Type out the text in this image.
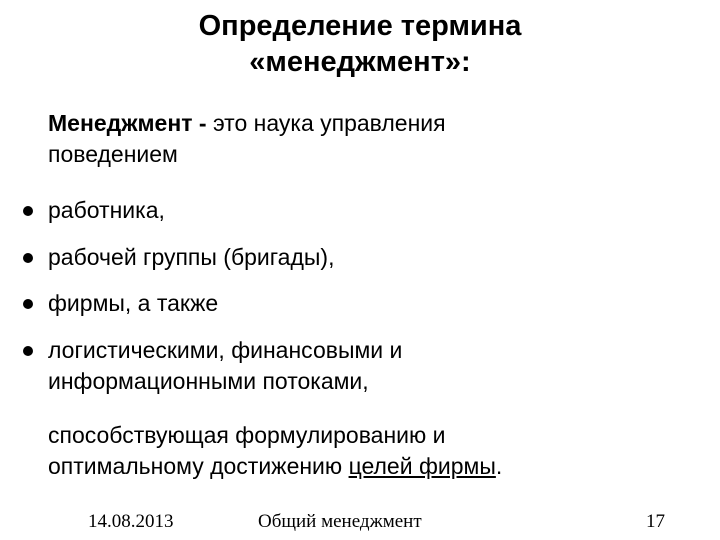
Определение термина
«менеджмент»:
Менеджмент - это наука управления
поведением
работника,
рабочей группы (бригады),
фирмы, а также
логистическими, финансовыми и
информационными потоками,
способствующая формулированию и
оптимальному достижению целей фирмы.
14.08.2013	Общий менеджмент	17
